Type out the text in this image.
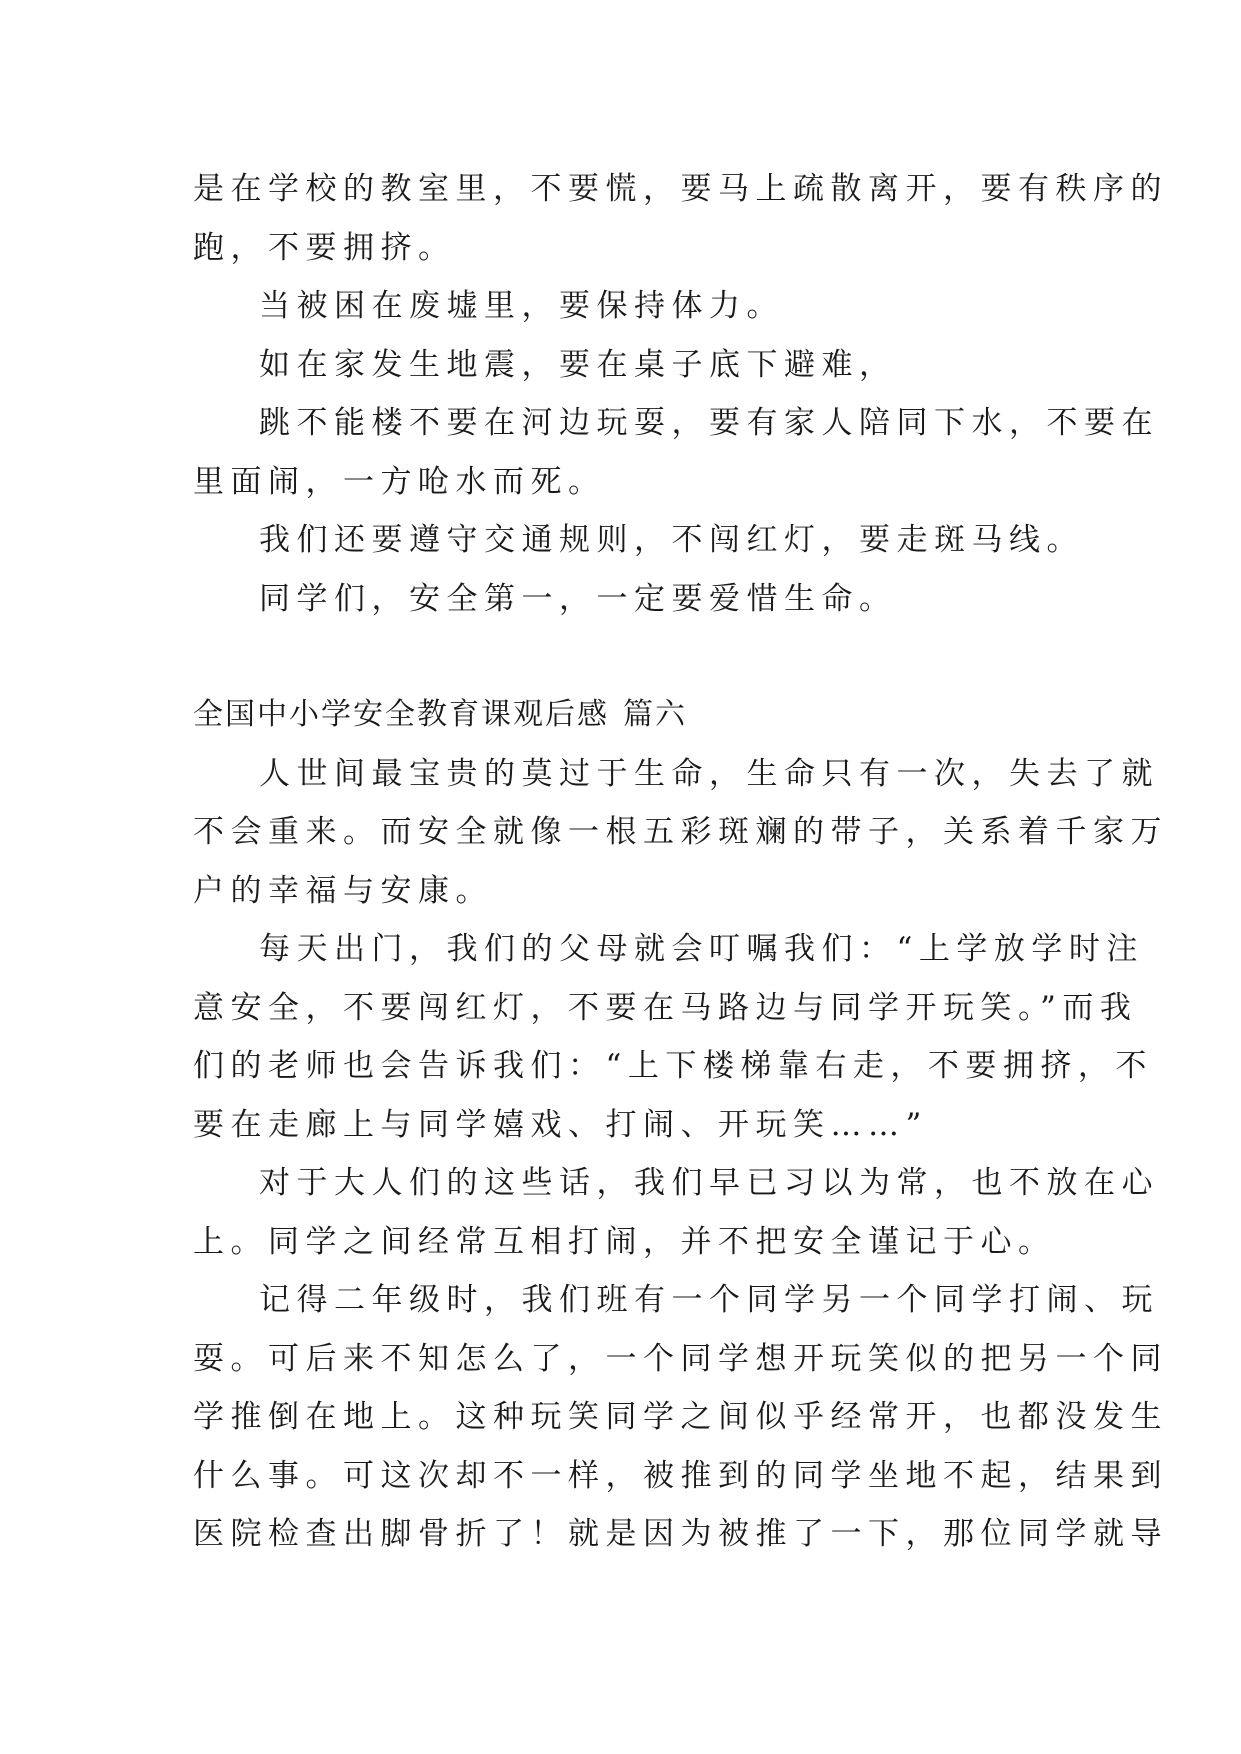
是在学校的教室里，不要慌，要马上疏散离开，要有秩序的

跑，不要拥挤。

当被困在废墟里，要保持体力。

如在家发生地震，要在桌子底下避难，

跳不能楼不要在河边玩耍，要有家人陪同下水，不要在

里面闹，一方呛水而死。

我们还要遵守交通规则，不闯红灯，要走斑马线。

同学们，安全第一，一定要爱惜生命。

全国中小学安全教育课观后感 篇六

人世间最宝贵的莫过于生命，生命只有一次，失去了就

不会重来。而安全就像一根五彩斑斓的带子，关系着千家万

户的幸福与安康。

每天出门，我们的父母就会叮嘱我们：“上学放学时注

意安全，不要闯红灯，不要在马路边与同学开玩笑。”而我

们的老师也会告诉我们：“上下楼梯靠右走，不要拥挤，不

要在走廊上与同学嬉戏、打闹、开玩笑……”

对于大人们的这些话，我们早已习以为常，也不放在心

上。同学之间经常互相打闹，并不把安全谨记于心。

记得二年级时，我们班有一个同学另一个同学打闹、玩

耍。可后来不知怎么了，一个同学想开玩笑似的把另一个同

学推倒在地上。这种玩笑同学之间似乎经常开，也都没发生

什么事。可这次却不一样，被推到的同学坐地不起，结果到

医院检查出脚骨折了！就是因为被推了一下，那位同学就导
